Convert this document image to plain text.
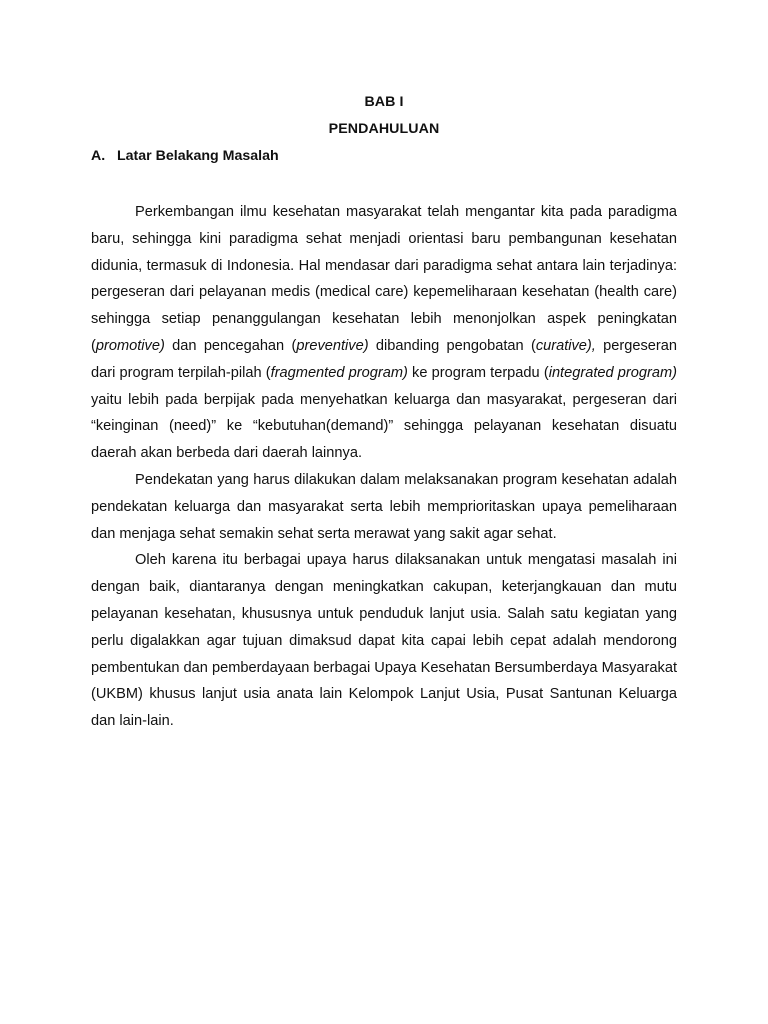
BAB I
PENDAHULUAN
A. Latar Belakang Masalah

Perkembangan ilmu kesehatan masyarakat telah mengantar kita pada paradigma baru, sehingga kini paradigma sehat menjadi orientasi baru pembangunan kesehatan didunia, termasuk di Indonesia. Hal mendasar dari paradigma sehat antara lain terjadinya: pergeseran dari pelayanan medis (medical care) kepemeliharaan kesehatan (health care) sehingga setiap penanggulangan kesehatan lebih menonjolkan aspek peningkatan (promotive) dan pencegahan (preventive) dibanding pengobatan (curative), pergeseran dari program terpilah-pilah (fragmented program) ke program terpadu (integrated program) yaitu lebih pada berpijak pada menyehatkan keluarga dan masyarakat, pergeseran dari “keinginan (need)” ke “kebutuhan(demand)” sehingga pelayanan kesehatan disuatu daerah akan berbeda dari daerah lainnya.

Pendekatan yang harus dilakukan dalam melaksanakan program kesehatan adalah pendekatan keluarga dan masyarakat serta lebih memprioritaskan upaya pemeliharaan dan menjaga sehat semakin sehat serta merawat yang sakit agar sehat.

Oleh karena itu berbagai upaya harus dilaksanakan untuk mengatasi masalah ini dengan baik, diantaranya dengan meningkatkan cakupan, keterjangkauan dan mutu pelayanan kesehatan, khususnya untuk penduduk lanjut usia. Salah satu kegiatan yang perlu digalakkan agar tujuan dimaksud dapat kita capai lebih cepat adalah mendorong pembentukan dan pemberdayaan berbagai Upaya Kesehatan Bersumberdaya Masyarakat (UKBM) khusus lanjut usia anata lain Kelompok Lanjut Usia, Pusat Santunan Keluarga dan lain-lain.
